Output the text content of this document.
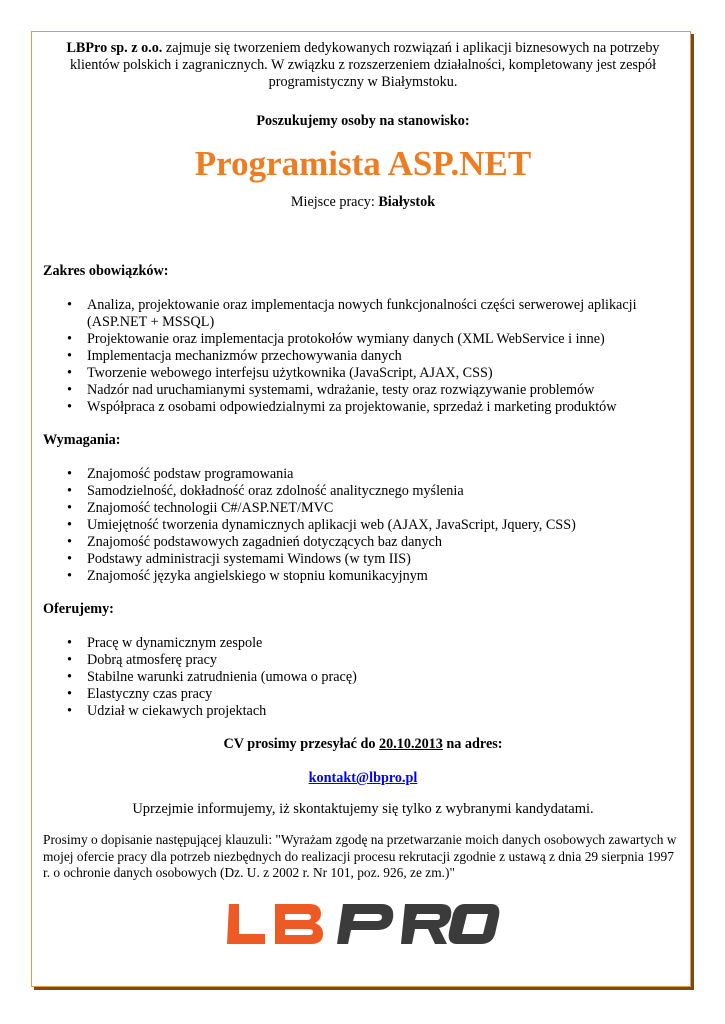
LBPro sp. z o.o. zajmuje się tworzeniem dedykowanych rozwiązań i aplikacji biznesowych na potrzeby klientów polskich i zagranicznych. W związku z rozszerzeniem działalności, kompletowany jest zespół programistyczny w Białymstoku.

Poszukujemy osoby na stanowisko:

Programista ASP.NET

Miejsce pracy: Białystok

Zakres obowiązków:

• Analiza, projektowanie oraz implementacja nowych funkcjonalności części serwerowej aplikacji (ASP.NET + MSSQL)
• Projektowanie oraz implementacja protokołów wymiany danych (XML WebService i inne)
• Implementacja mechanizmów przechowywania danych
• Tworzenie webowego interfejsu użytkownika (JavaScript, AJAX, CSS)
• Nadzór nad uruchamianymi systemami, wdrażanie, testy oraz rozwiązywanie problemów
• Współpraca z osobami odpowiedzialnymi za projektowanie, sprzedaż i marketing produktów

Wymagania:

• Znajomość podstaw programowania
• Samodzielność, dokładność oraz zdolność analitycznego myślenia
• Znajomość technologii C#/ASP.NET/MVC
• Umiejętność tworzenia dynamicznych aplikacji web (AJAX, JavaScript, Jquery, CSS)
• Znajomość podstawowych zagadnień dotyczących baz danych
• Podstawy administracji systemami Windows (w tym IIS)
• Znajomość języka angielskiego w stopniu komunikacyjnym

Oferujemy:

• Pracę w dynamicznym zespole
• Dobrą atmosferę pracy
• Stabilne warunki zatrudnienia (umowa o pracę)
• Elastyczny czas pracy
• Udział w ciekawych projektach

CV prosimy przesyłać do 20.10.2013 na adres:

kontakt@lbpro.pl

Uprzejmie informujemy, iż skontaktujemy się tylko z wybranymi kandydatami.

Prosimy o dopisanie następującej klauzuli: "Wyrażam zgodę na przetwarzanie moich danych osobowych zawartych w mojej ofercie pracy dla potrzeb niezbędnych do realizacji procesu rekrutacji zgodnie z ustawą z dnia 29 sierpnia 1997 r. o ochronie danych osobowych (Dz. U. z 2002 r. Nr 101, poz. 926, ze zm.)"
